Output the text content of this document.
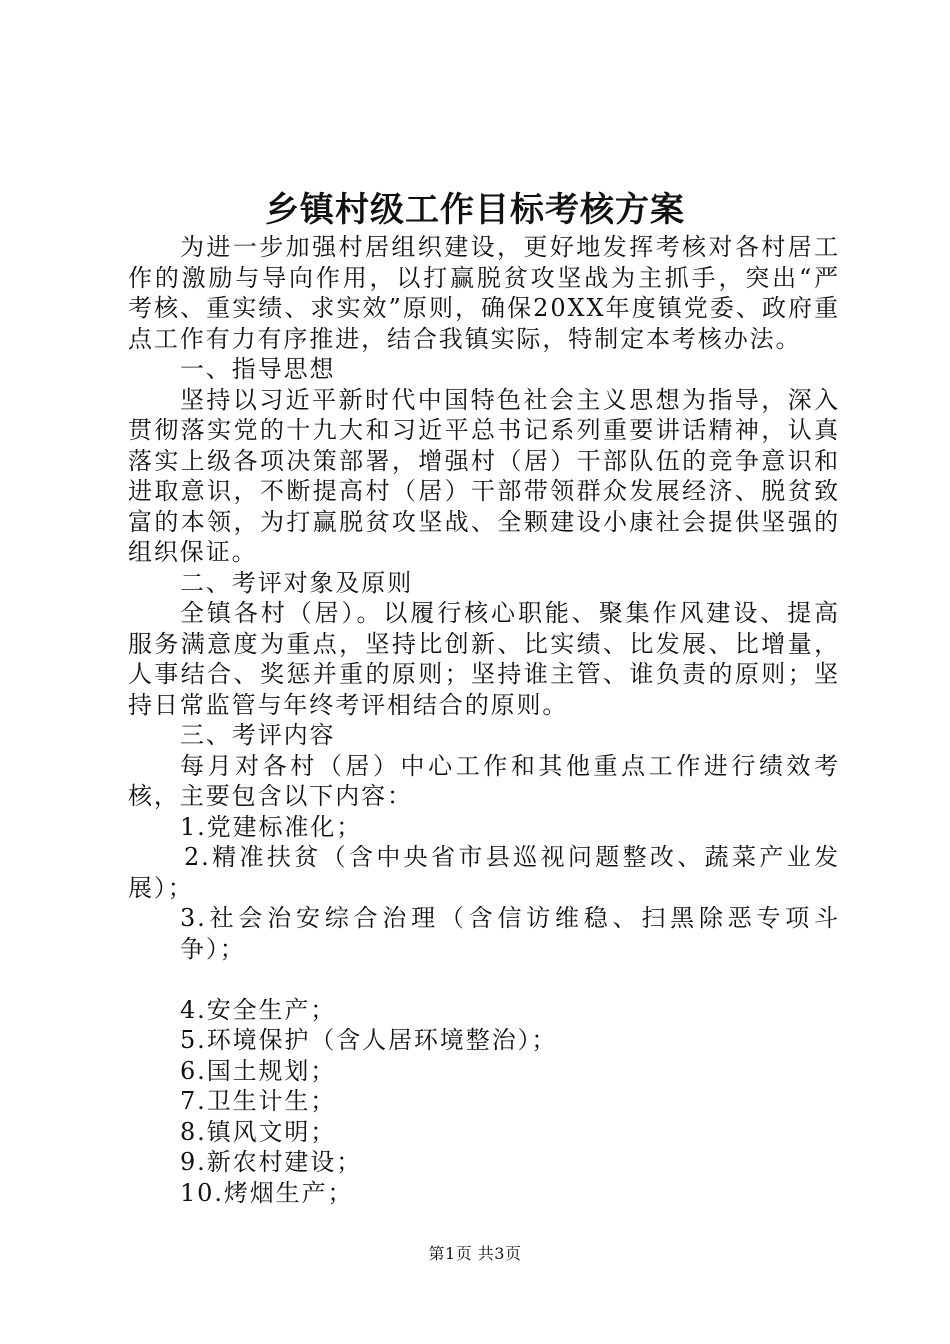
乡镇村级工作目标考核方案

为进一步加强村居组织建设，更好地发挥考核对各村居工作的激励与导向作用，以打赢脱贫攻坚战为主抓手，突出“严考核、重实绩、求实效”原则，确保20XX年度镇党委、政府重点工作有力有序推进，结合我镇实际，特制定本考核办法。

一、指导思想

坚持以习近平新时代中国特色社会主义思想为指导，深入贯彻落实党的十九大和习近平总书记系列重要讲话精神，认真落实上级各项决策部署，增强村（居）干部队伍的竞争意识和进取意识，不断提高村（居）干部带领群众发展经济、脱贫致富的本领，为打赢脱贫攻坚战、全颗建设小康社会提供坚强的组织保证。

二、考评对象及原则

全镇各村（居）。以履行核心职能、聚集作风建设、提高服务满意度为重点，坚持比创新、比实绩、比发展、比增量，人事结合、奖惩并重的原则；坚持谁主管、谁负责的原则；坚持日常监管与年终考评相结合的原则。

三、考评内容

每月对各村（居）中心工作和其他重点工作进行绩效考核，主要包含以下内容：

1.党建标准化；

2.精准扶贫（含中央省市县巡视问题整改、蔬菜产业发展）；

3.社会治安综合治理（含信访维稳、扫黑除恶专项斗争）；

4.安全生产；

5.环境保护（含人居环境整治）；

6.国土规划；

7.卫生计生；

8.镇风文明；

9.新农村建设；

10.烤烟生产；

第1页 共3页
